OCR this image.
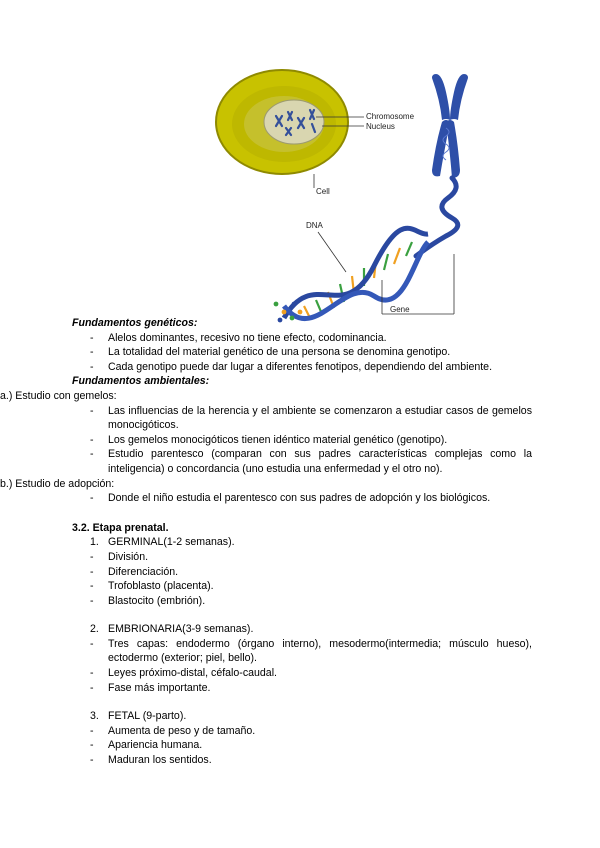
Chromosome
Nucleus
Cell
DNA
Gene
Fundamentos genéticos:
-	Alelos dominantes, recesivo no tiene efecto, codominancia.
-	La totalidad del material genético de una persona se denomina genotipo.
-	Cada genotipo puede dar lugar a diferentes fenotipos, dependiendo del ambiente.
Fundamentos ambientales:
a.) Estudio con gemelos:
-	Las influencias de la herencia y el ambiente se comenzaron a estudiar casos de gemelos monocigóticos.
-	Los gemelos monocigóticos tienen idéntico material genético (genotipo).
-	Estudio parentesco (comparan con sus padres características complejas como la inteligencia) o concordancia (uno estudia una enfermedad y el otro no).
b.) Estudio de adopción:
-	Donde el niño estudia el parentesco con sus padres de adopción y los biológicos.
3.2. Etapa prenatal.
1. GERMINAL(1-2 semanas).
-	División.
-	Diferenciación.
-	Trofoblasto (placenta).
-	Blastocito (embrión).
2. EMBRIONARIA(3-9 semanas).
-	Tres capas: endodermo (órgano interno), mesodermo(intermedia; músculo hueso), ectodermo (exterior; piel, bello).
-	Leyes próximo-distal, céfalo-caudal.
-	Fase más importante.
3. FETAL (9-parto).
-	Aumenta de peso y de tamaño.
-	Apariencia humana.
-	Maduran los sentidos.
